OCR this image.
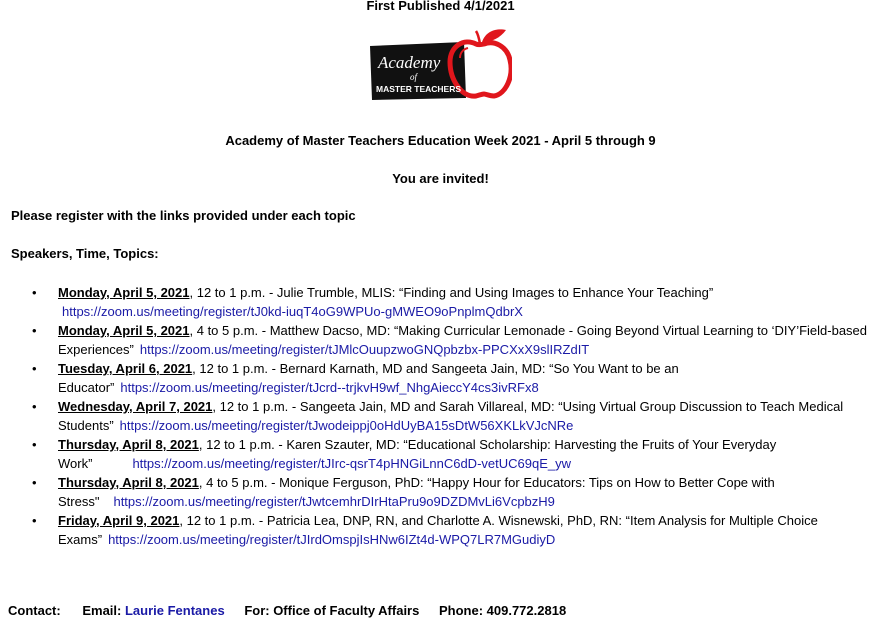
First Published 4/1/2021
Academy
of
MASTER TEACHERS
Academy of Master Teachers Education Week 2021 - April 5 through 9
You are invited!
Please register with the links provided under each topic
Speakers, Time, Topics:
• Monday, April 5, 2021, 12 to 1 p.m. - Julie Trumble, MLIS: “Finding and Using Images to Enhance Your Teaching”
https://zoom.us/meeting/register/tJ0kd-iuqT4oG9WPUo-gMWEO9oPnplmQdbrX
• Monday, April 5, 2021, 4 to 5 p.m. - Matthew Dacso, MD: “Making Curricular Lemonade - Going Beyond Virtual Learning to ‘DIY’Field-based Experiences” https://zoom.us/meeting/register/tJMlcOuupzwoGNQpbzbx-PPCXxX9slIRZdIT
• Tuesday, April 6, 2021, 12 to 1 p.m. - Bernard Karnath, MD and Sangeeta Jain, MD: “So You Want to be an Educator” https://zoom.us/meeting/register/tJcrd--trjkvH9wf_NhgAieccY4cs3ivRFx8
• Wednesday, April 7, 2021, 12 to 1 p.m. - Sangeeta Jain, MD and Sarah Villareal, MD: “Using Virtual Group Discussion to Teach Medical Students” https://zoom.us/meeting/register/tJwodeippj0oHdUyBA15sDtW56XKLkVJcNRe
• Thursday, April 8, 2021, 12 to 1 p.m. - Karen Szauter, MD: “Educational Scholarship: Harvesting the Fruits of Your Everyday Work”	https://zoom.us/meeting/register/tJIrc-qsrT4pHNGiLnnC6dD-vetUC69qE_yw
• Thursday, April 8, 2021, 4 to 5 p.m. - Monique Ferguson, PhD: “Happy Hour for Educators: Tips on How to Better Cope with Stress" https://zoom.us/meeting/register/tJwtcemhrDIrHtaPru9o9DZDMvLi6VcpbzH9
• Friday, April 9, 2021, 12 to 1 p.m. - Patricia Lea, DNP, RN, and Charlotte A. Wisnewski, PhD, RN: “Item Analysis for Multiple Choice Exams” https://zoom.us/meeting/register/tJIrdOmspjIsHNw6IZt4d-WPQ7LR7MGudiyD
Contact: Email: Laurie Fentanes For: Office of Faculty Affairs Phone: 409.772.2818
